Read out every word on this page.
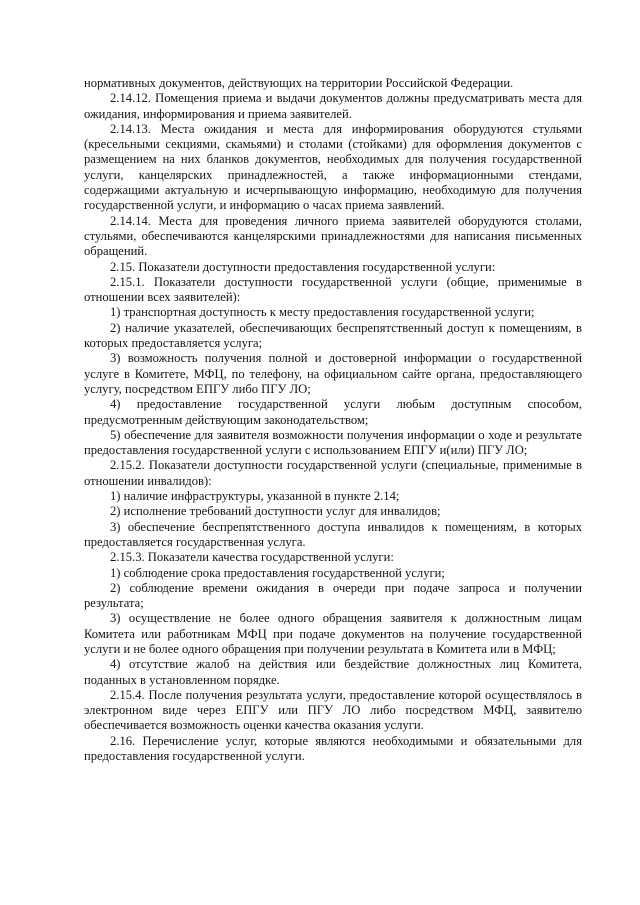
нормативных документов, действующих на территории Российской Федерации.

2.14.12. Помещения приема и выдачи документов должны предусматривать места для ожидания, информирования и приема заявителей.

2.14.13. Места ожидания и места для информирования оборудуются стульями (кресельными секциями, скамьями) и столами (стойками) для оформления документов с размещением на них бланков документов, необходимых для получения государственной услуги, канцелярских принадлежностей, а также информационными стендами, содержащими актуальную и исчерпывающую информацию, необходимую для получения государственной услуги, и информацию о часах приема заявлений.

2.14.14. Места для проведения личного приема заявителей оборудуются столами, стульями, обеспечиваются канцелярскими принадлежностями для написания письменных обращений.

2.15. Показатели доступности предоставления государственной услуги:

2.15.1. Показатели доступности государственной услуги (общие, применимые в отношении всех заявителей):

1) транспортная доступность к месту предоставления государственной услуги;

2) наличие указателей, обеспечивающих беспрепятственный доступ к помещениям, в которых предоставляется услуга;

3) возможность получения полной и достоверной информации о государственной услуге в Комитете, МФЦ, по телефону, на официальном сайте органа, предоставляющего услугу, посредством ЕПГУ либо ПГУ ЛО;

4) предоставление государственной услуги любым доступным способом, предусмотренным действующим законодательством;

5) обеспечение для заявителя возможности получения информации о ходе и результате предоставления государственной услуги с использованием ЕПГУ и(или) ПГУ ЛО;

2.15.2. Показатели доступности государственной услуги (специальные, применимые в отношении инвалидов):

1) наличие инфраструктуры, указанной в пункте 2.14;

2) исполнение требований доступности услуг для инвалидов;

3) обеспечение беспрепятственного доступа инвалидов к помещениям, в которых предоставляется государственная услуга.

2.15.3. Показатели качества государственной услуги:

1) соблюдение срока предоставления государственной услуги;

2) соблюдение времени ожидания в очереди при подаче запроса и получении результата;

3) осуществление не более одного обращения заявителя к должностным лицам Комитета или работникам МФЦ при подаче документов на получение государственной услуги и не более одного обращения при получении результата в Комитета или в МФЦ;

4) отсутствие жалоб на действия или бездействие должностных лиц Комитета, поданных в установленном порядке.

2.15.4. После получения результата услуги, предоставление которой осуществлялось в электронном виде через ЕПГУ или ПГУ ЛО либо посредством МФЦ, заявителю обеспечивается возможность оценки качества оказания услуги.

2.16. Перечисление услуг, которые являются необходимыми и обязательными для предоставления государственной услуги.
